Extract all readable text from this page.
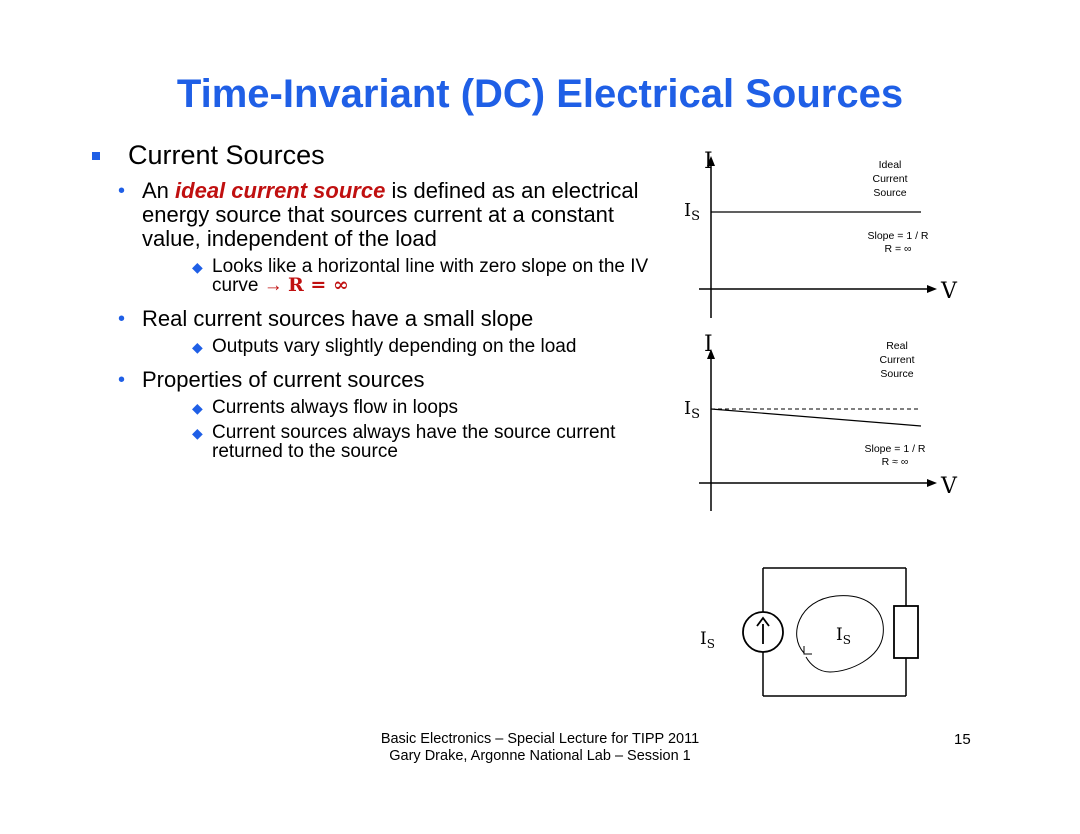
Time-Invariant (DC) Electrical Sources
Current Sources
• An ideal current source is defined as an electrical energy source that sources current at a constant value, independent of the load
◆ Looks like a horizontal line with zero slope on the IV curve → R = ∞
• Real current sources have a small slope
◆ Outputs vary slightly depending on the load
• Properties of current sources
◆ Currents always flow in loops
◆ Current sources always have the source current returned to the source
I
V
$I_S$
Ideal
Current
Source
Slope = 1 / R
R = ∞
I
V
$I_S$
Real
Current
Source
Slope = 1 / R
R ≈ ∞
$I_S$	$I_S$
Basic Electronics – Special Lecture for TIPP 2011
Gary Drake, Argonne National Lab – Session 1
15
